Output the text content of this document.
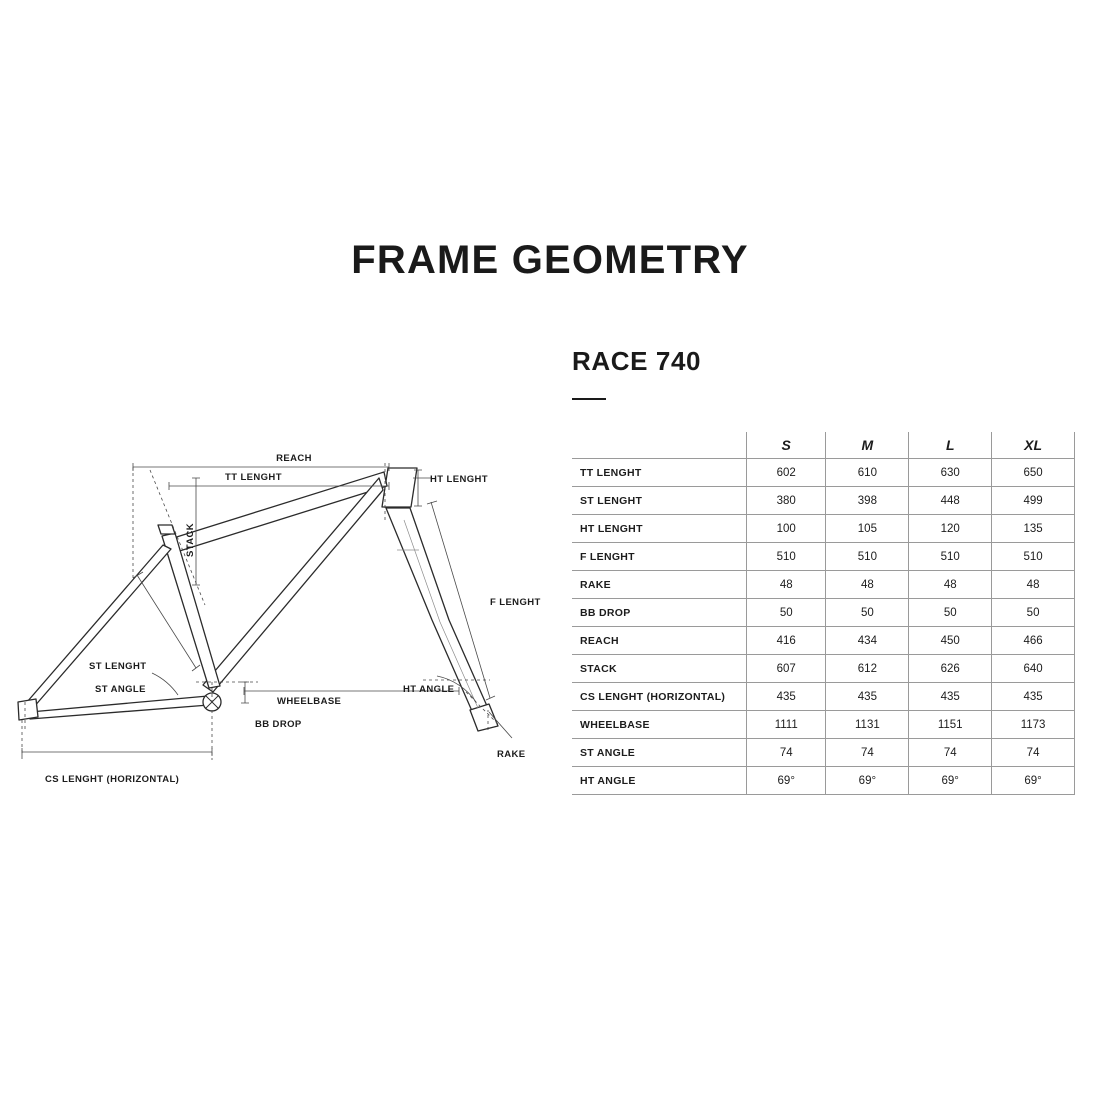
FRAME GEOMETRY
RACE 740
REACH
TT LENGHT	HT LENGHT
STACK
F LENGHT
ST LENGHT
ST ANGLE
WHEELBASE
HT ANGLE
BB DROP
RAKE
CS LENGHT (HORIZONTAL)
	S	M	L	XL
TT LENGHT	602	610	630	650
ST LENGHT	380	398	448	499
HT LENGHT	100	105	120	135
F LENGHT	510	510	510	510
RAKE	48	48	48	48
BB DROP	50	50	50	50
REACH	416	434	450	466
STACK	607	612	626	640
CS LENGHT (HORIZONTAL)	435	435	435	435
WHEELBASE	1111	1131	1151	1173
ST ANGLE	74	74	74	74
HT ANGLE	69°	69°	69°	69°
